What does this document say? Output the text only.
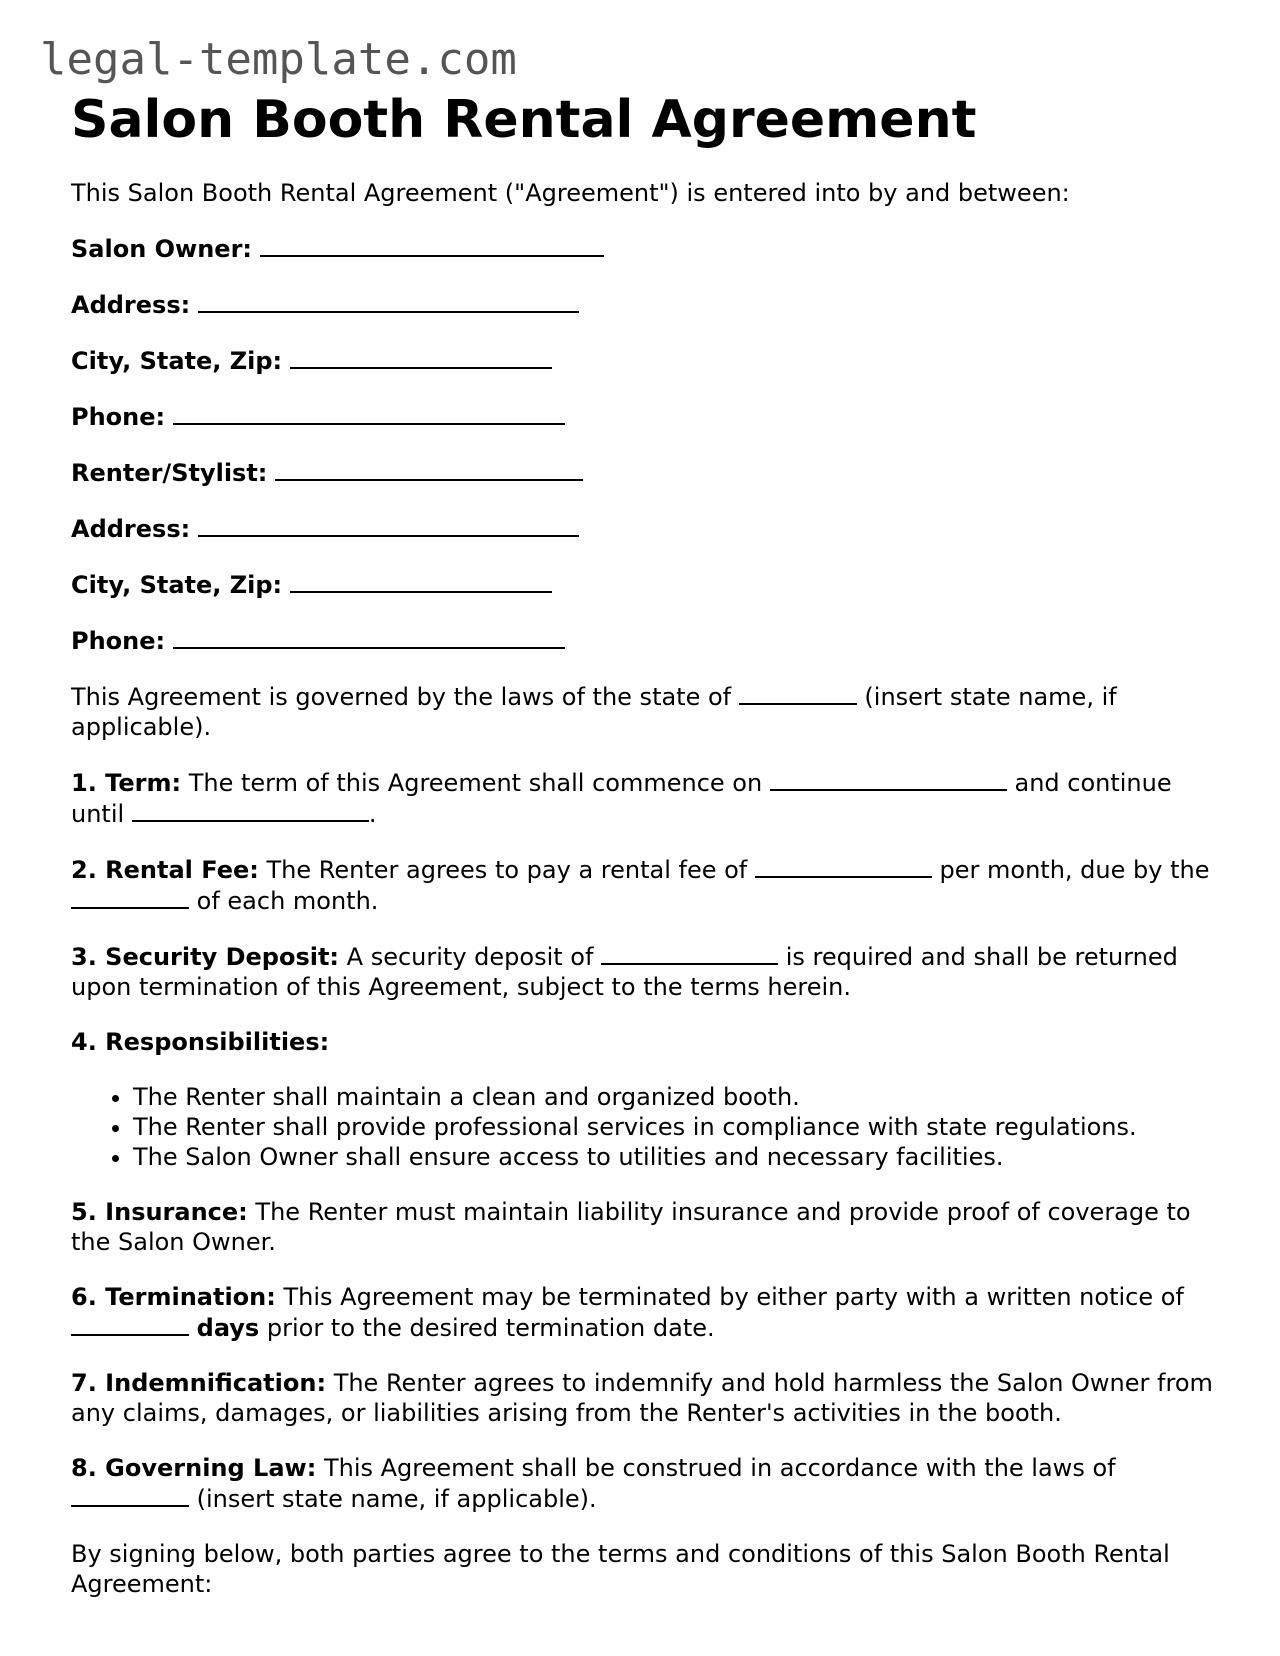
legal-template.com
Salon Booth Rental Agreement

This Salon Booth Rental Agreement ("Agreement") is entered into by and between:

Salon Owner:
Address:
City, State, Zip:
Phone:
Renter/Stylist:
Address:
City, State, Zip:
Phone:

This Agreement is governed by the laws of the state of	(insert state name, if applicable).

1. Term: The term of this Agreement shall commence on	and continue until	.

2. Rental Fee: The Renter agrees to pay a rental fee of	per month, due by the  of each month.

3. Security Deposit: A security deposit of	is required and shall be returned upon termination of this Agreement, subject to the terms herein.

4. Responsibilities:

• The Renter shall maintain a clean and organized booth.
• The Renter shall provide professional services in compliance with state regulations.
• The Salon Owner shall ensure access to utilities and necessary facilities.

5. Insurance: The Renter must maintain liability insurance and provide proof of coverage to the Salon Owner.

6. Termination: This Agreement may be terminated by either party with a written notice of  days prior to the desired termination date.

7. Indemnification: The Renter agrees to indemnify and hold harmless the Salon Owner from any claims, damages, or liabilities arising from the Renter's activities in the booth.

8. Governing Law: This Agreement shall be construed in accordance with the laws of  (insert state name, if applicable).

By signing below, both parties agree to the terms and conditions of this Salon Booth Rental Agreement:
